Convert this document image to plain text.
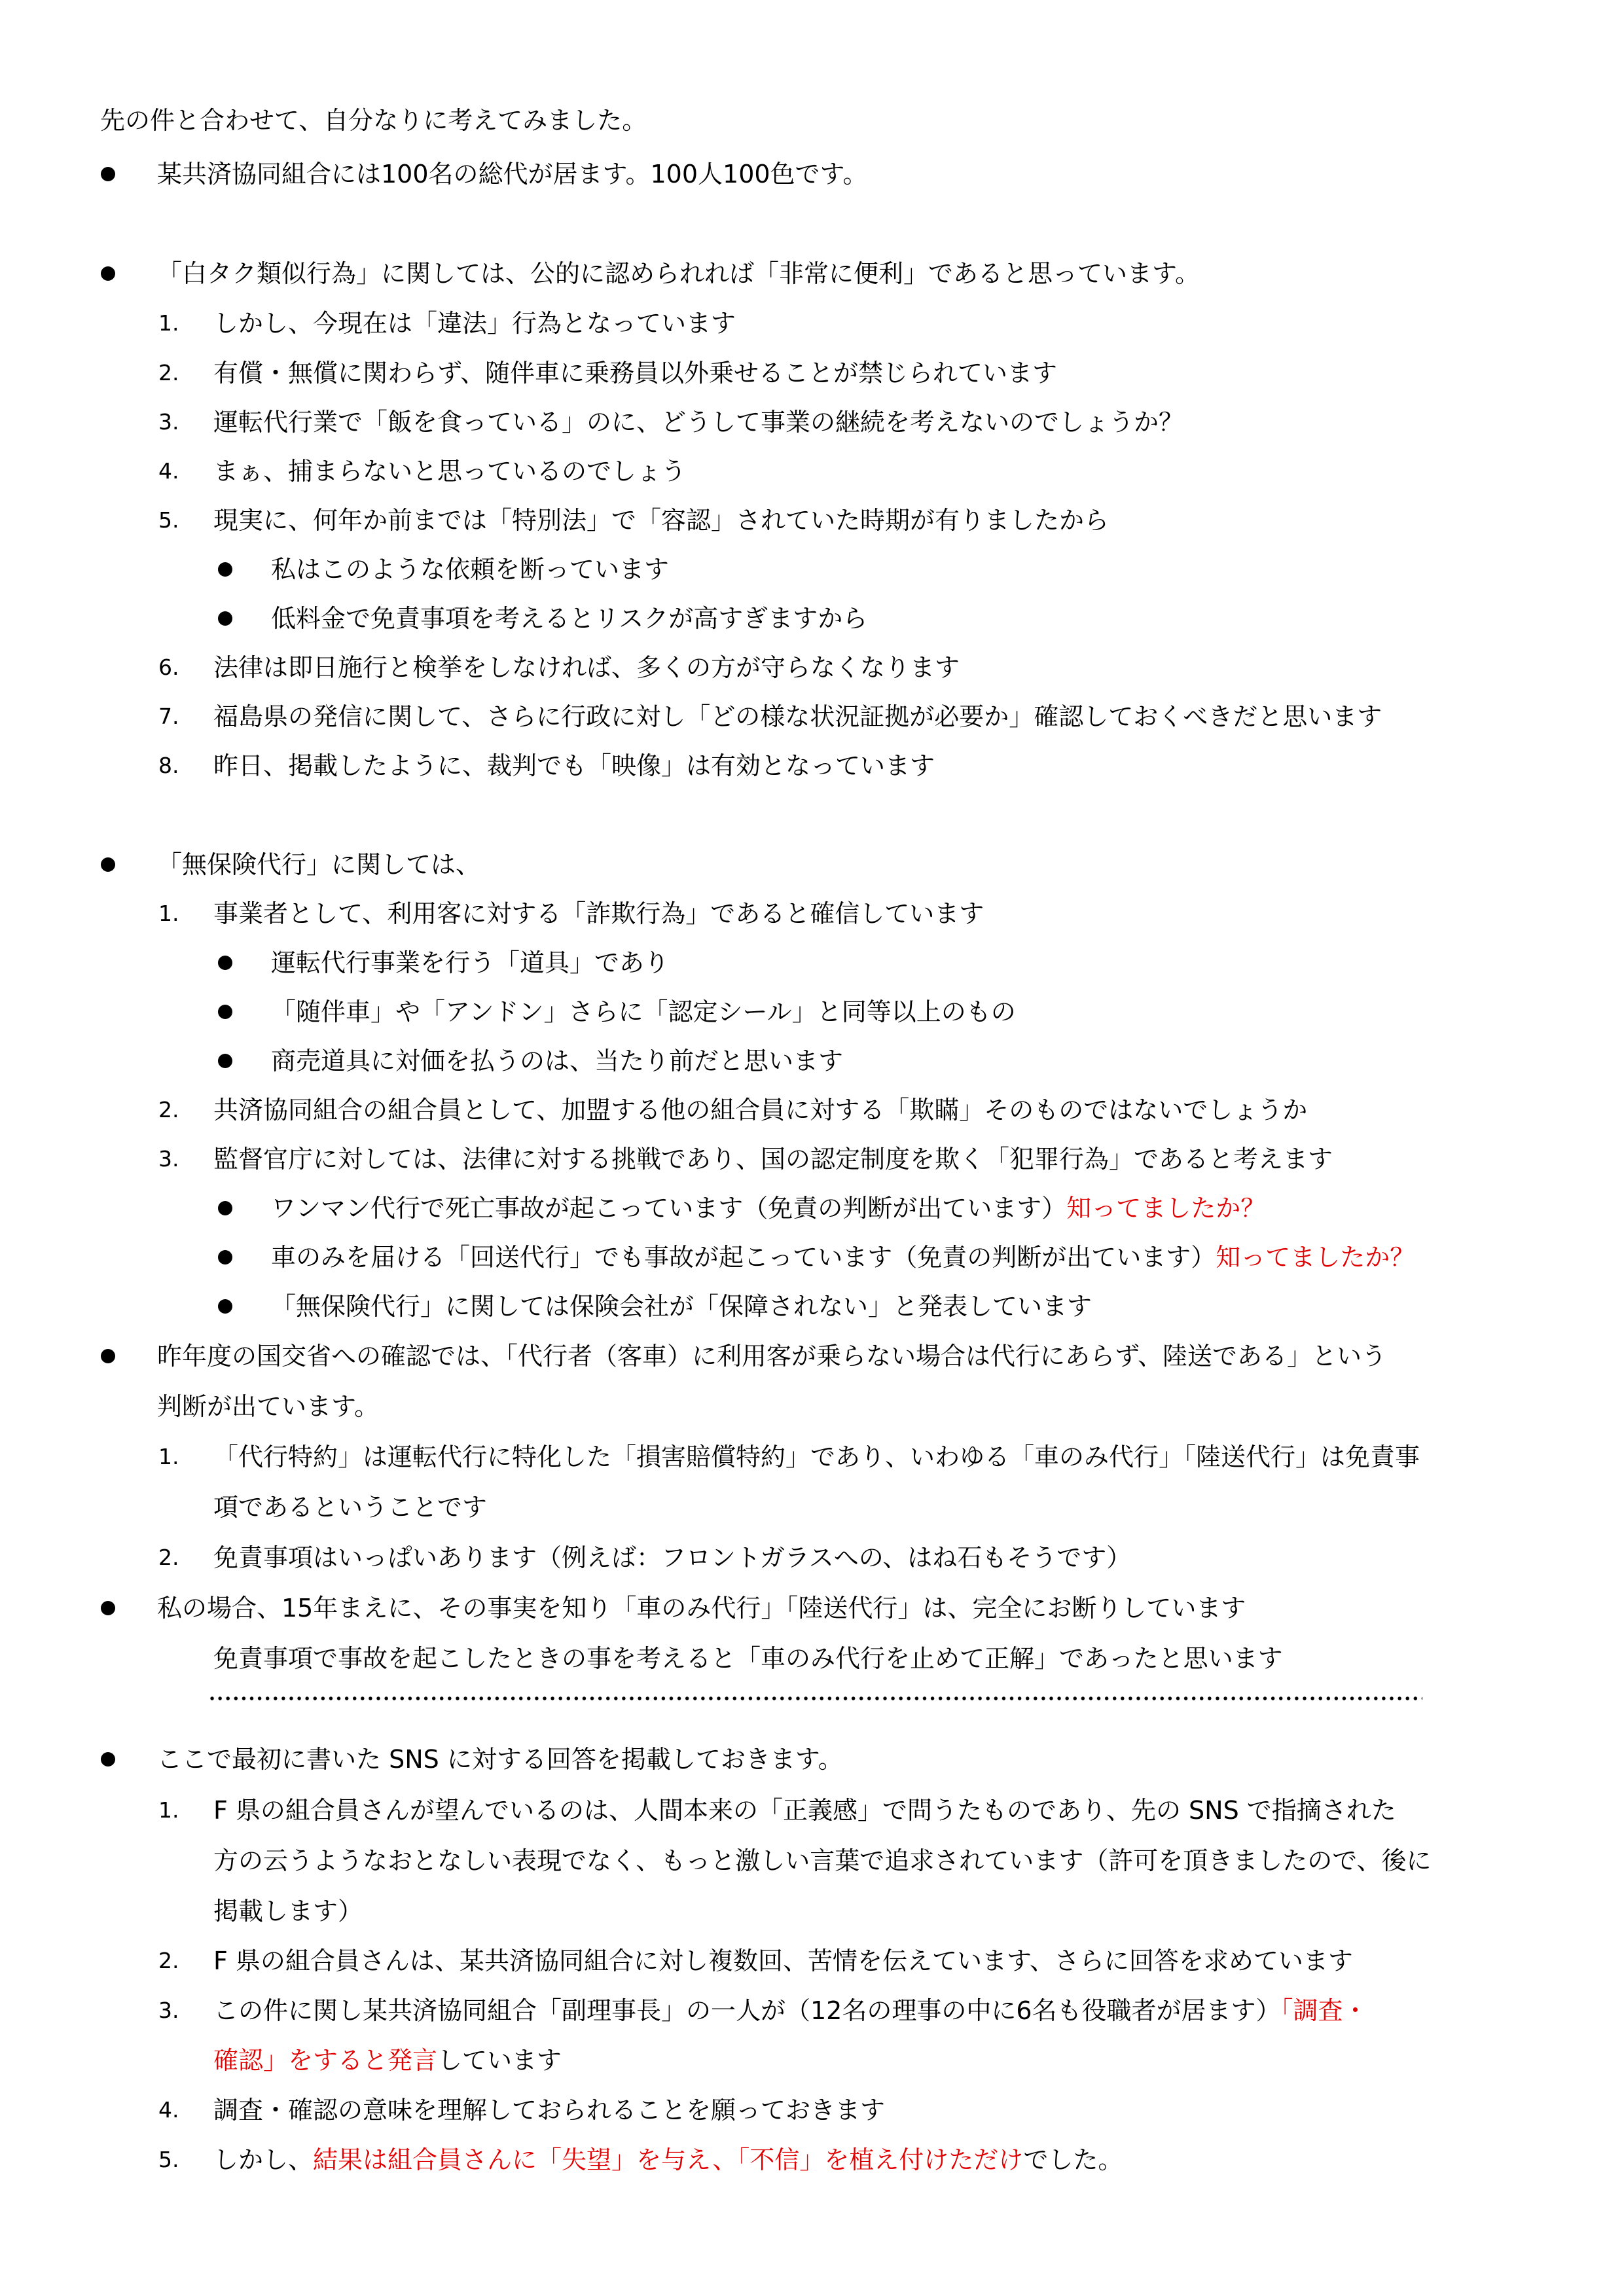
先の件と合わせて、自分なりに考えてみました。
某共済協同組合には100名の総代が居ます。100人100色です。
「白タク類似行為」に関しては、公的に認められれば「非常に便利」であると思っています。
1. しかし、今現在は「違法」行為となっています
2. 有償・無償に関わらず、随伴車に乗務員以外乗せることが禁じられています
3. 運転代行業で「飯を食っている」のに、どうして事業の継続を考えないのでしょうか？
4. まぁ、捕まらないと思っているのでしょう
5. 現実に、何年か前までは「特別法」で「容認」されていた時期が有りましたから
私はこのような依頼を断っています
低料金で免責事項を考えるとリスクが高すぎますから
6. 法律は即日施行と検挙をしなければ、多くの方が守らなくなります
7. 福島県の発信に関して、さらに行政に対し「どの様な状況証拠が必要か」確認しておくべきだと思います
8. 昨日、掲載したように、裁判でも「映像」は有効となっています
「無保険代行」に関しては、
1. 事業者として、利用客に対する「詐欺行為」であると確信しています
運転代行事業を行う「道具」であり
「随伴車」や「アンドン」さらに「認定シール」と同等以上のもの
商売道具に対価を払うのは、当たり前だと思います
2. 共済協同組合の組合員として、加盟する他の組合員に対する「欺瞞」そのものではないでしょうか
3. 監督官庁に対しては、法律に対する挑戦であり、国の認定制度を欺く「犯罪行為」であると考えます
ワンマン代行で死亡事故が起こっています（免責の判断が出ています）知ってましたか？
車のみを届ける「回送代行」でも事故が起こっています（免責の判断が出ています）知ってましたか？
「無保険代行」に関しては保険会社が「保障されない」と発表しています
昨年度の国交省への確認では、「代行者（客車）に利用客が乗らない場合は代行にあらず、陸送である」という
判断が出ています。
1. 「代行特約」は運転代行に特化した「損害賠償特約」であり、いわゆる「車のみ代行」「陸送代行」は免責事
項であるということです
2. 免責事項はいっぱいあります（例えば：フロントガラスへの、はね石もそうです）
私の場合、15年まえに、その事実を知り「車のみ代行」「陸送代行」は、完全にお断りしています
免責事項で事故を起こしたときの事を考えると「車のみ代行を止めて正解」であったと思います
ここで最初に書いた SNS に対する回答を掲載しておきます。
1. F 県の組合員さんが望んでいるのは、人間本来の「正義感」で問うたものであり、先の SNS で指摘された
方の云うようなおとなしい表現でなく、もっと激しい言葉で追求されています（許可を頂きましたので、後に
掲載します）
2. F 県の組合員さんは、某共済協同組合に対し複数回、苦情を伝えています、さらに回答を求めています
3. この件に関し某共済協同組合「副理事長」の一人が（12名の理事の中に6名も役職者が居ます）「調査・
確認」をすると発言しています
4. 調査・確認の意味を理解しておられることを願っておきます
5. しかし、結果は組合員さんに「失望」を与え、「不信」を植え付けただけでした。
